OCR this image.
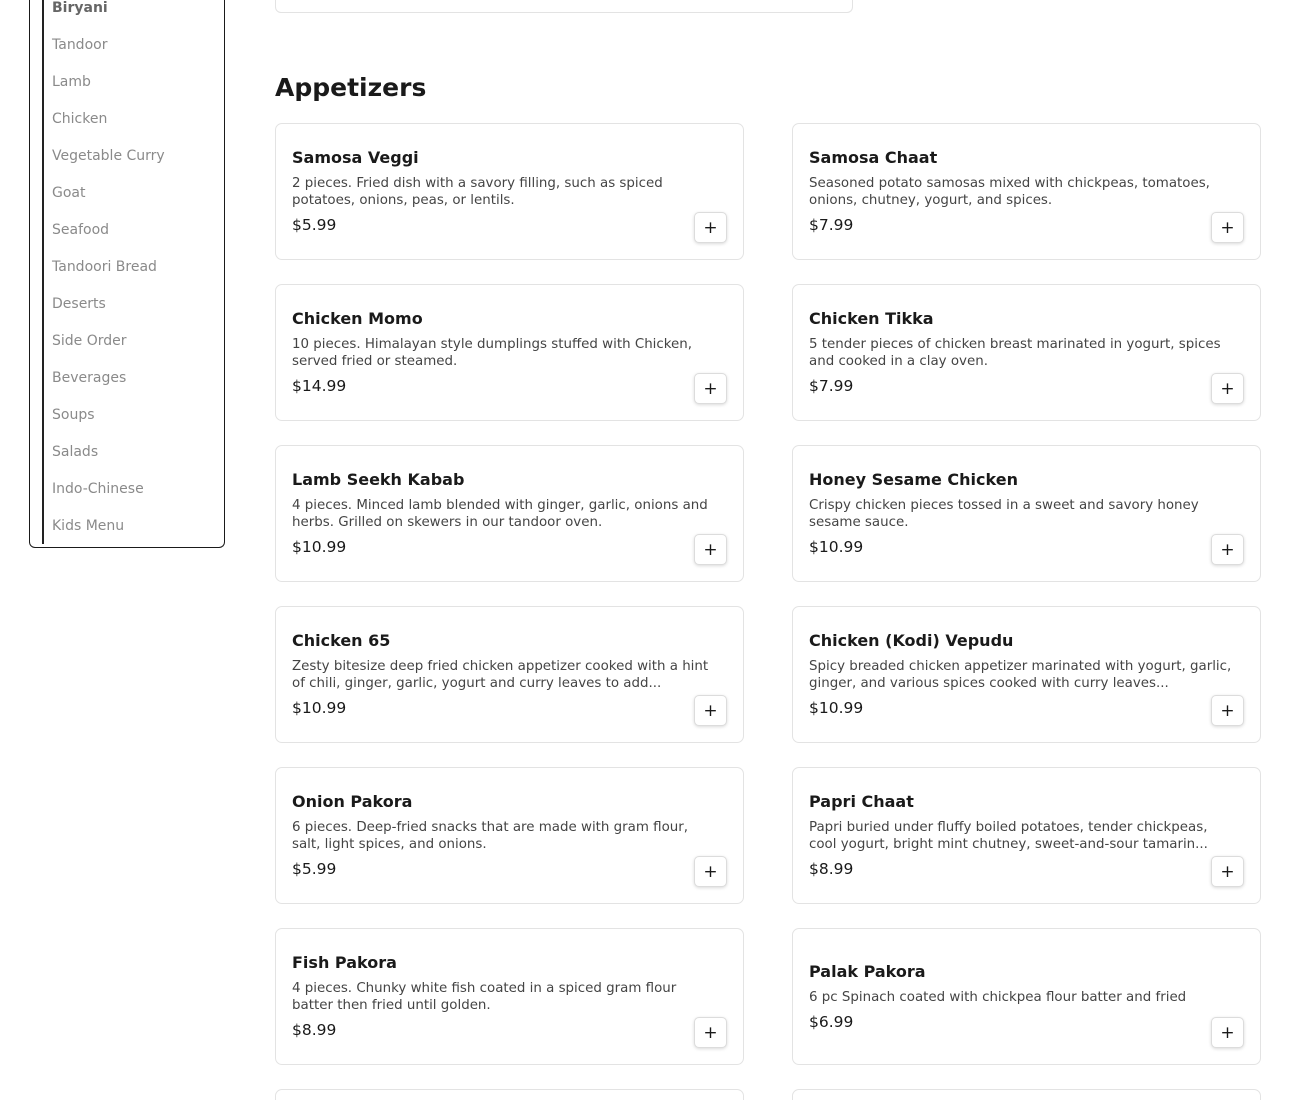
Biryani
Tandoor
Lamb
Chicken
Vegetable Curry
Goat
Seafood
Tandoori Bread
Deserts
Side Order
Beverages
Soups
Salads
Indo-Chinese
Kids Menu
Appetizers
Samosa Veggi

2 pieces. Fried dish with a savory filling, such as spiced potatoes, onions, peas, or lentils.

$5.99	+
Samosa Chaat

Seasoned potato samosas mixed with chickpeas, tomatoes, onions, chutney, yogurt, and spices.

$7.99	+
Chicken Momo

10 pieces. Himalayan style dumplings stuffed with Chicken, served fried or steamed.

$14.99	+
Chicken Tikka

5 tender pieces of chicken breast marinated in yogurt, spices and cooked in a clay oven.

$7.99	+
Lamb Seekh Kabab

4 pieces. Minced lamb blended with ginger, garlic, onions and herbs. Grilled on skewers in our tandoor oven.

$10.99	+
Honey Sesame Chicken

Crispy chicken pieces tossed in a sweet and savory honey sesame sauce.

$10.99	+
Chicken 65

Zesty bitesize deep fried chicken appetizer cooked with a hint of chili, ginger, garlic, yogurt and curry leaves to add...

$10.99	+
Chicken (Kodi) Vepudu

Spicy breaded chicken appetizer marinated with yogurt, garlic, ginger, and various spices cooked with curry leaves...

$10.99	+
Onion Pakora

6 pieces. Deep-fried snacks that are made with gram flour, salt, light spices, and onions.

$5.99	+
Papri Chaat

Papri buried under fluffy boiled potatoes, tender chickpeas, cool yogurt, bright mint chutney, sweet-and-sour tamarin...

$8.99	+
Fish Pakora

4 pieces. Chunky white fish coated in a spiced gram flour batter then fried until golden.

$8.99	+
Palak Pakora

6 pc Spinach coated with chickpea flour batter and fried

$6.99
+
